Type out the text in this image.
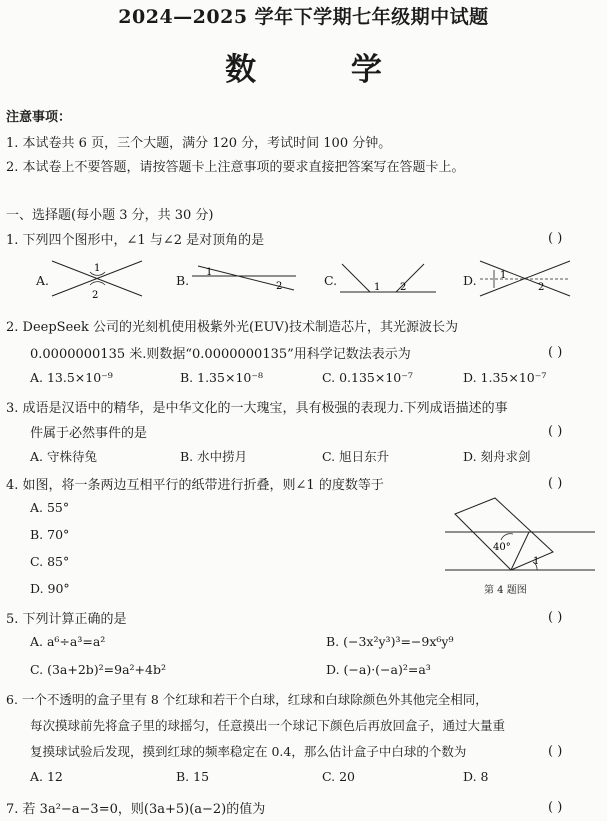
2024—2025 学年下学期七年级期中试题
数 学
注意事项：
1. 本试卷共 6 页，三个大题，满分 120 分，考试时间 100 分钟。
2. 本试卷上不要答题，请按答题卡上注意事项的要求直接把答案写在答题卡上。
一、选择题(每小题 3 分，共 30 分)
1. 下列四个图形中，∠1 与∠2 是对顶角的是	( )
A.
1
2
B.
1
2	C.	1 2	D. 1
2
2. DeepSeek 公司的光刻机使用极紫外光(EUV)技术制造芯片，其光源波长为
0.0000000135 米.则数据“0.0000000135”用科学记数法表示为	( )
A. 13.5×10⁻⁹	B. 1.35×10⁻⁸	C. 0.135×10⁻⁷	D. 1.35×10⁻⁷
3. 成语是汉语中的精华，是中华文化的一大瑰宝，具有极强的表现力.下列成语描述的事
件属于必然事件的是	( )
A. 守株待兔	B. 水中捞月	C. 旭日东升	D. 刻舟求剑
4. 如图，将一条两边互相平行的纸带进行折叠，则∠1 的度数等于	( )
A. 55°
B. 70°
C. 85°
D. 90°
40°
1
第 4 题图
5. 下列计算正确的是	( )
A. a⁶÷a³=a²	B. (−3x²y³)³=−9x⁶y⁹
C. (3a+2b)²=9a²+4b²	D. (−a)·(−a)²=a³
6. 一个不透明的盒子里有 8 个红球和若干个白球，红球和白球除颜色外其他完全相同，
每次摸球前先将盒子里的球摇匀，任意摸出一个球记下颜色后再放回盒子，通过大量重
复摸球试验后发现，摸到红球的频率稳定在 0.4，那么估计盒子中白球的个数为	( )
A. 12	B. 15	C. 20	D. 8
7. 若 3a²−a−3=0，则(3a+5)(a−2)的值为	( )
